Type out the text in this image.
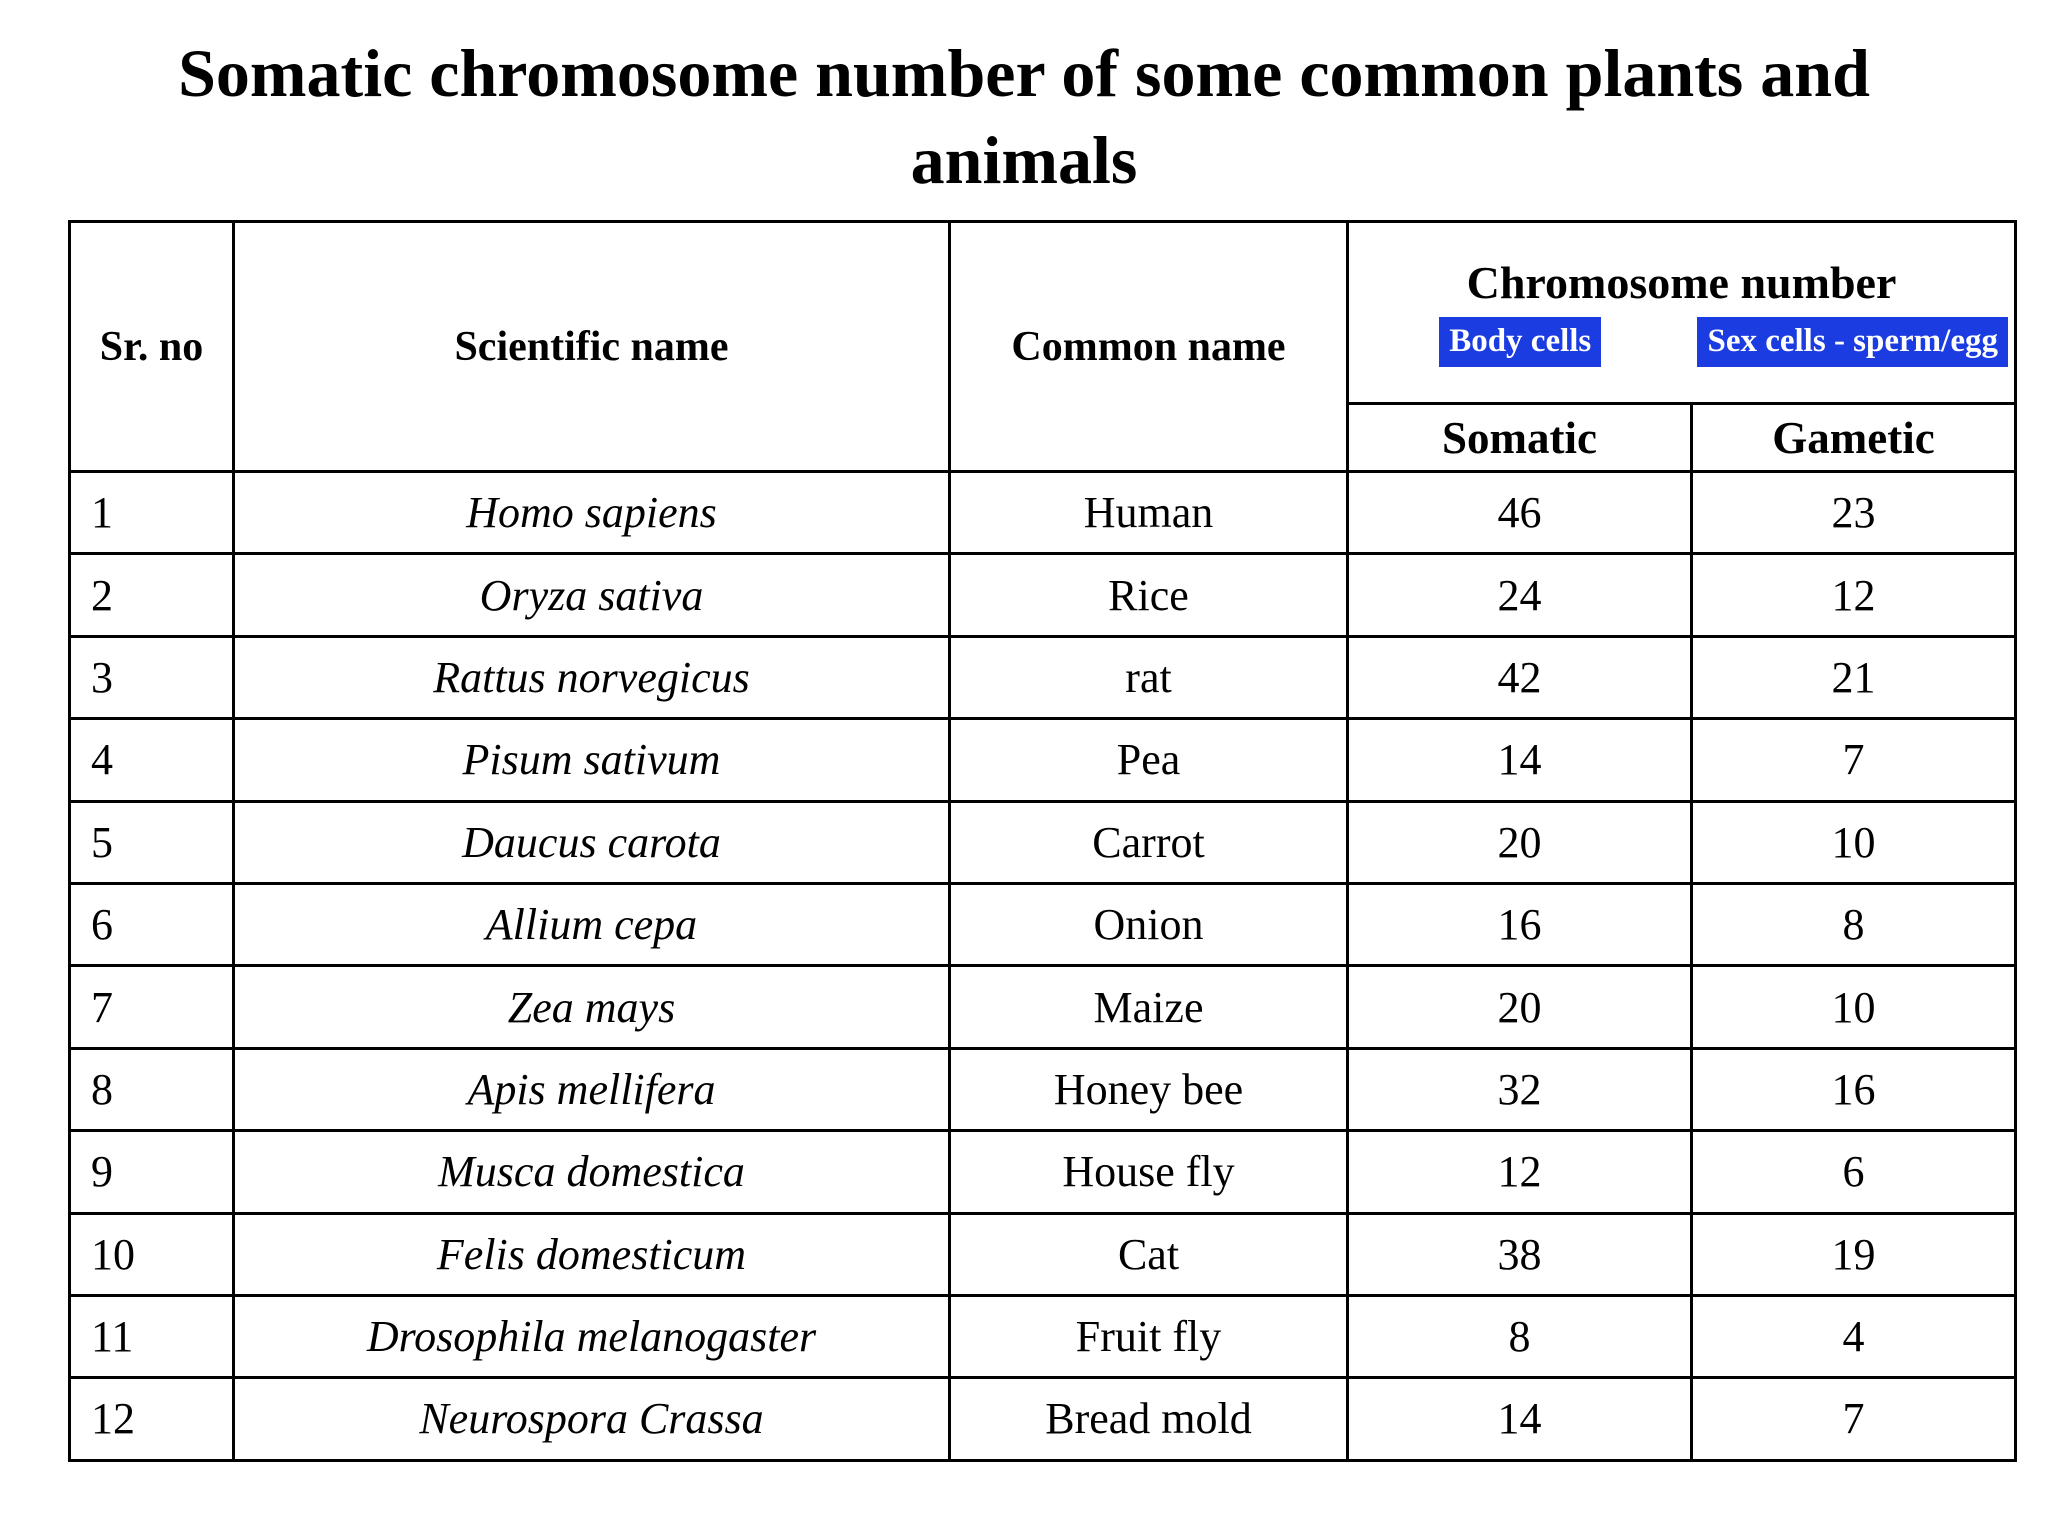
Somatic chromosome number of some common plants and animals
Sr. no	Scientific name	Common name	Chromosome number
Body cells Sex cells - sperm/egg	

			Somatic	Gametic
1	Homo sapiens	Human	46	23
2	Oryza sativa	Rice	24	12
3	Rattus norvegicus	rat	42	21
4	Pisum sativum	Pea	14	7
5	Daucus carota	Carrot	20	10
6	Allium cepa	Onion	16	8
7	Zea mays	Maize	20	10
8	Apis mellifera	Honey bee	32	16
9	Musca domestica	House fly	12	6
10	Felis domesticum	Cat	38	19
11	Drosophila melanogaster	Fruit fly	8	4
12	Neurospora Crassa	Bread mold	14	7
